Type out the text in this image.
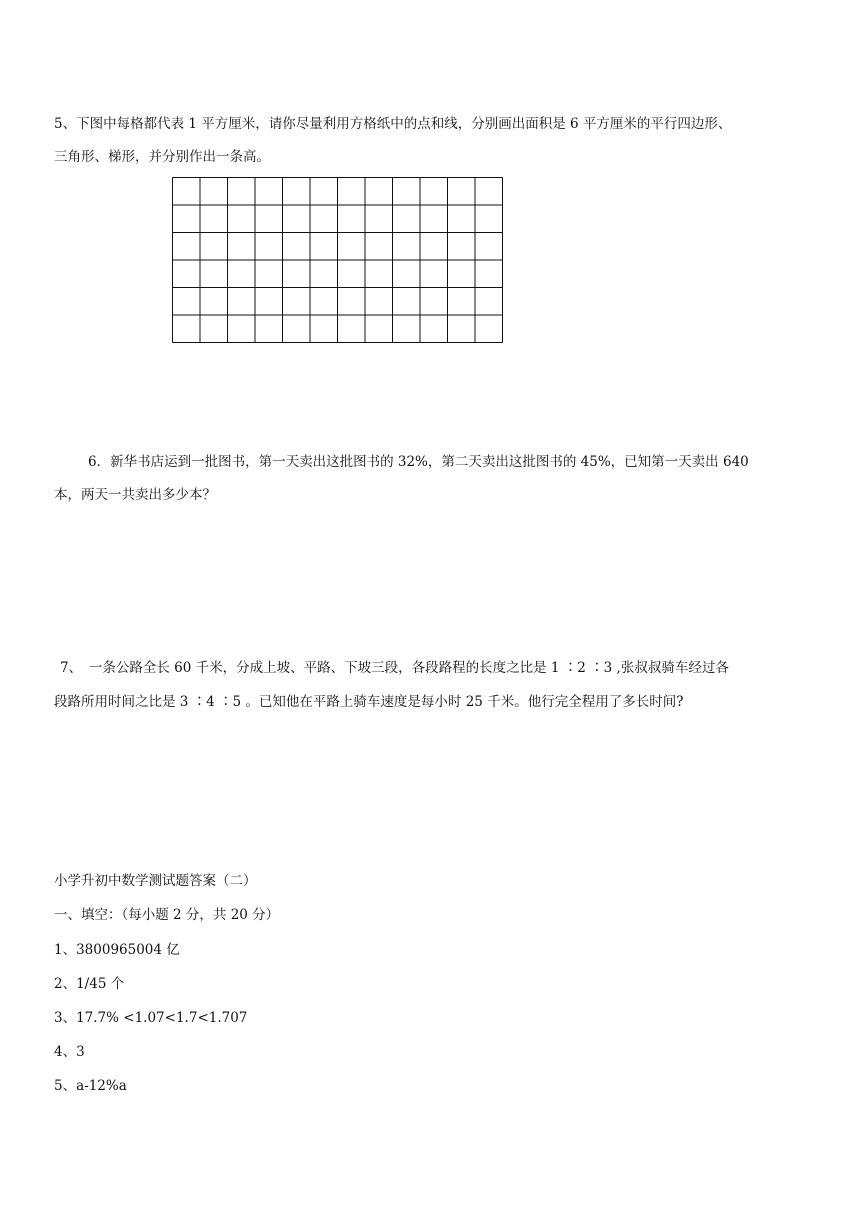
5、下图中每格都代表 1 平方厘米，请你尽量利用方格纸中的点和线，分别画出面积是 6 平方厘米的平行四边形、
三角形、梯形，并分别作出一条高。
6．新华书店运到一批图书，第一天卖出这批图书的 32%，第二天卖出这批图书的 45%，已知第一天卖出 640
本，两天一共卖出多少本？
7、　一条公路全长 60 千米，分成上坡、平路、下坡三段，各段路程的长度之比是 1 ∶2 ∶3 ,张叔叔骑车经过各
段路所用时间之比是 3 ∶4 ∶5 。已知他在平路上骑车速度是每小时 25 千米。他行完全程用了多长时间?
小学升初中数学测试题答案（二）
一、填空：（每小题 2 分，共 20 分）
1、3800965004 亿
2、1/45 个
3、17.7% <1.07<1.7<1.707
4、3
5、a-12%a
